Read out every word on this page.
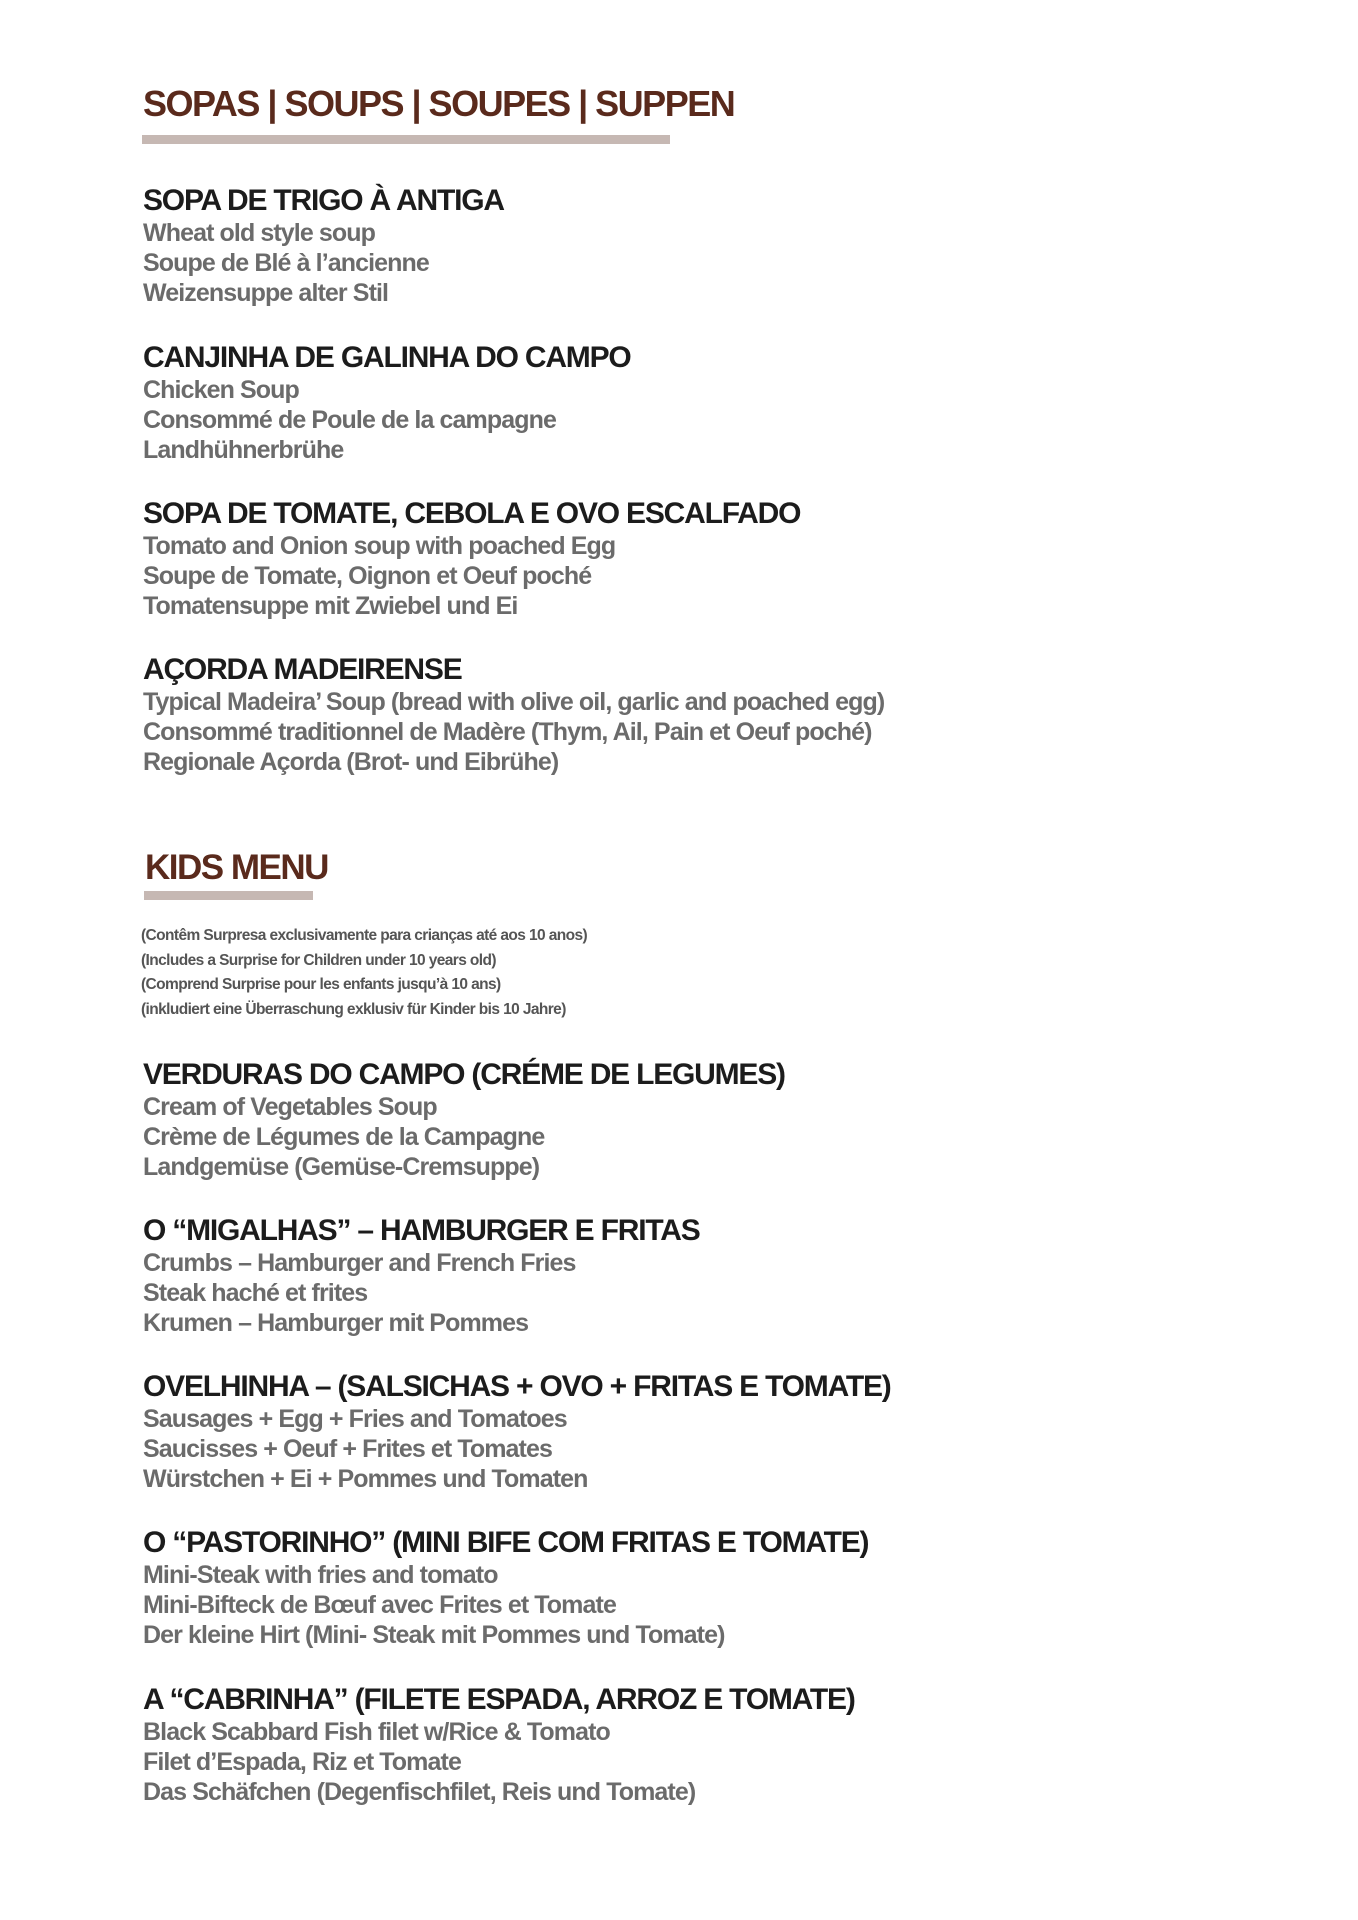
SOPAS | SOUPS | SOUPES | SUPPEN

SOPA DE TRIGO À ANTIGA

Wheat old style soup

Soupe de Blé à l’ancienne

Weizensuppe alter Stil

CANJINHA DE GALINHA DO CAMPO

Chicken Soup

Consommé de Poule de la campagne

Landhühnerbrühe

SOPA DE TOMATE, CEBOLA E OVO ESCALFADO

Tomato and Onion soup with poached Egg

Soupe de Tomate, Oignon et Oeuf poché

Tomatensuppe mit Zwiebel und Ei

AÇORDA MADEIRENSE

Typical Madeira’ Soup (bread with olive oil, garlic and poached egg)

Consommé traditionnel de Madère (Thym, Ail, Pain et Oeuf poché)

Regionale Açorda (Brot- und Eibrühe)

KIDS MENU

(Contêm Surpresa exclusivamente para crianças até aos 10 anos)

(Includes a Surprise for Children under 10 years old)

(Comprend Surprise pour les enfants jusqu’à 10 ans)

(inkludiert eine Überraschung exklusiv für Kinder bis 10 Jahre)

VERDURAS DO CAMPO (CRÉME DE LEGUMES)

Cream of Vegetables Soup

Crème de Légumes de la Campagne

Landgemüse (Gemüse-Cremsuppe)

O “MIGALHAS” – HAMBURGER E FRITAS

Crumbs – Hamburger and French Fries

Steak haché et frites

Krumen – Hamburger mit Pommes

OVELHINHA – (SALSICHAS + OVO + FRITAS E TOMATE)

Sausages + Egg + Fries and Tomatoes

Saucisses + Oeuf + Frites et Tomates

Würstchen + Ei + Pommes und Tomaten

O “PASTORINHO” (MINI BIFE COM FRITAS E TOMATE)

Mini-Steak with fries and tomato

Mini-Bifteck de Bœuf avec Frites et Tomate

Der kleine Hirt (Mini- Steak mit Pommes und Tomate)

A “CABRINHA” (FILETE ESPADA, ARROZ E TOMATE)

Black Scabbard Fish filet w/Rice & Tomato

Filet d’Espada, Riz et Tomate

Das Schäfchen (Degenfischfilet, Reis und Tomate)
